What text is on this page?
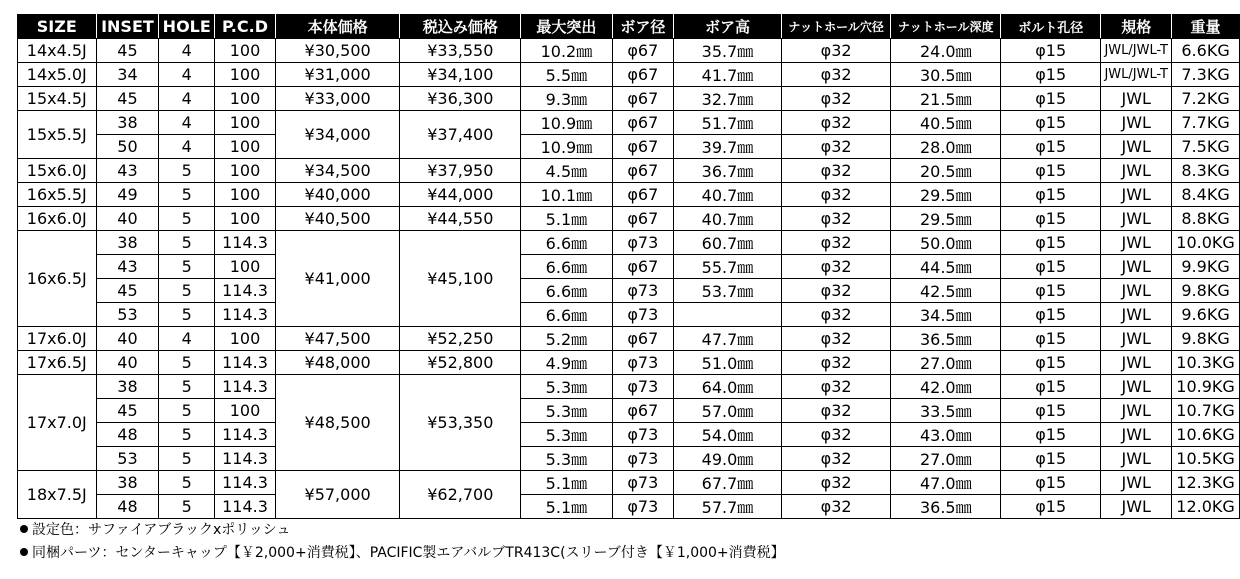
SIZE	INSET	HOLE	P.C.D	本体価格	税込み価格	最大突出	ボア径	ボア高	ナットホール穴径	ナットホール深度	ボルト孔径	規格	重量
14x4.5J	45	4	100	¥30,500	¥33,550	10.2㎜	φ67	35.7㎜	φ32	24.0㎜	φ15	JWL/JWL-T	6.6KG
14x5.0J	34	4	100	¥31,000	¥34,100	5.5㎜	φ67	41.7㎜	φ32	30.5㎜	φ15	JWL/JWL-T	7.3KG
15x4.5J	45	4	100	¥33,000	¥36,300	9.3㎜	φ67	32.7㎜	φ32	21.5㎜	φ15	JWL	7.2KG
15x5.5J	38	4	100	¥34,000	¥37,400	10.9㎜	φ67	51.7㎜	φ32	40.5㎜	φ15	JWL	7.7KG
	50	4	100			10.9㎜	φ67	39.7㎜	φ32	28.0㎜	φ15	JWL	7.5KG
15x6.0J	43	5	100	¥34,500	¥37,950	4.5㎜	φ67	36.7㎜	φ32	20.5㎜	φ15	JWL	8.3KG
16x5.5J	49	5	100	¥40,000	¥44,000	10.1㎜	φ67	40.7㎜	φ32	29.5㎜	φ15	JWL	8.4KG
16x6.0J	40	5	100	¥40,500	¥44,550	5.1㎜	φ67	40.7㎜	φ32	29.5㎜	φ15	JWL	8.8KG
16x6.5J	38	5	114.3	¥41,000	¥45,100	6.6㎜	φ73	60.7㎜	φ32	50.0㎜	φ15	JWL	10.0KG
	43	5	100			6.6㎜	φ67	55.7㎜	φ32	44.5㎜	φ15	JWL	9.9KG
	45	5	114.3			6.6㎜	φ73	53.7㎜	φ32	42.5㎜	φ15	JWL	9.8KG
	53	5	114.3			6.6㎜	φ73		φ32	34.5㎜	φ15	JWL	9.6KG
17x6.0J	40	4	100	¥47,500	¥52,250	5.2㎜	φ67	47.7㎜	φ32	36.5㎜	φ15	JWL	9.8KG
17x6.5J	40	5	114.3	¥48,000	¥52,800	4.9㎜	φ73	51.0㎜	φ32	27.0㎜	φ15	JWL	10.3KG
17x7.0J	38	5	114.3	¥48,500	¥53,350	5.3㎜	φ73	64.0㎜	φ32	42.0㎜	φ15	JWL	10.9KG
	45	5	100			5.3㎜	φ67	57.0㎜	φ32	33.5㎜	φ15	JWL	10.7KG
	48	5	114.3			5.3㎜	φ73	54.0㎜	φ32	43.0㎜	φ15	JWL	10.6KG
	53	5	114.3			5.3㎜	φ73	49.0㎜	φ32	27.0㎜	φ15	JWL	10.5KG
18x7.5J	38	5	114.3	¥57,000	¥62,700	5.1㎜	φ73	67.7㎜	φ32	47.0㎜	φ15	JWL	12.3KG
	48	5	114.3			5.1㎜	φ73	57.7㎜	φ32	36.5㎜	φ15	JWL	12.0KG
設定色：サファイアブラックxポリッシュ
同梱パーツ：センターキャップ【￥2,000+消費税】、PACIFIC製エアバルブTR413C(スリーブ付き【￥1,000+消費税】
